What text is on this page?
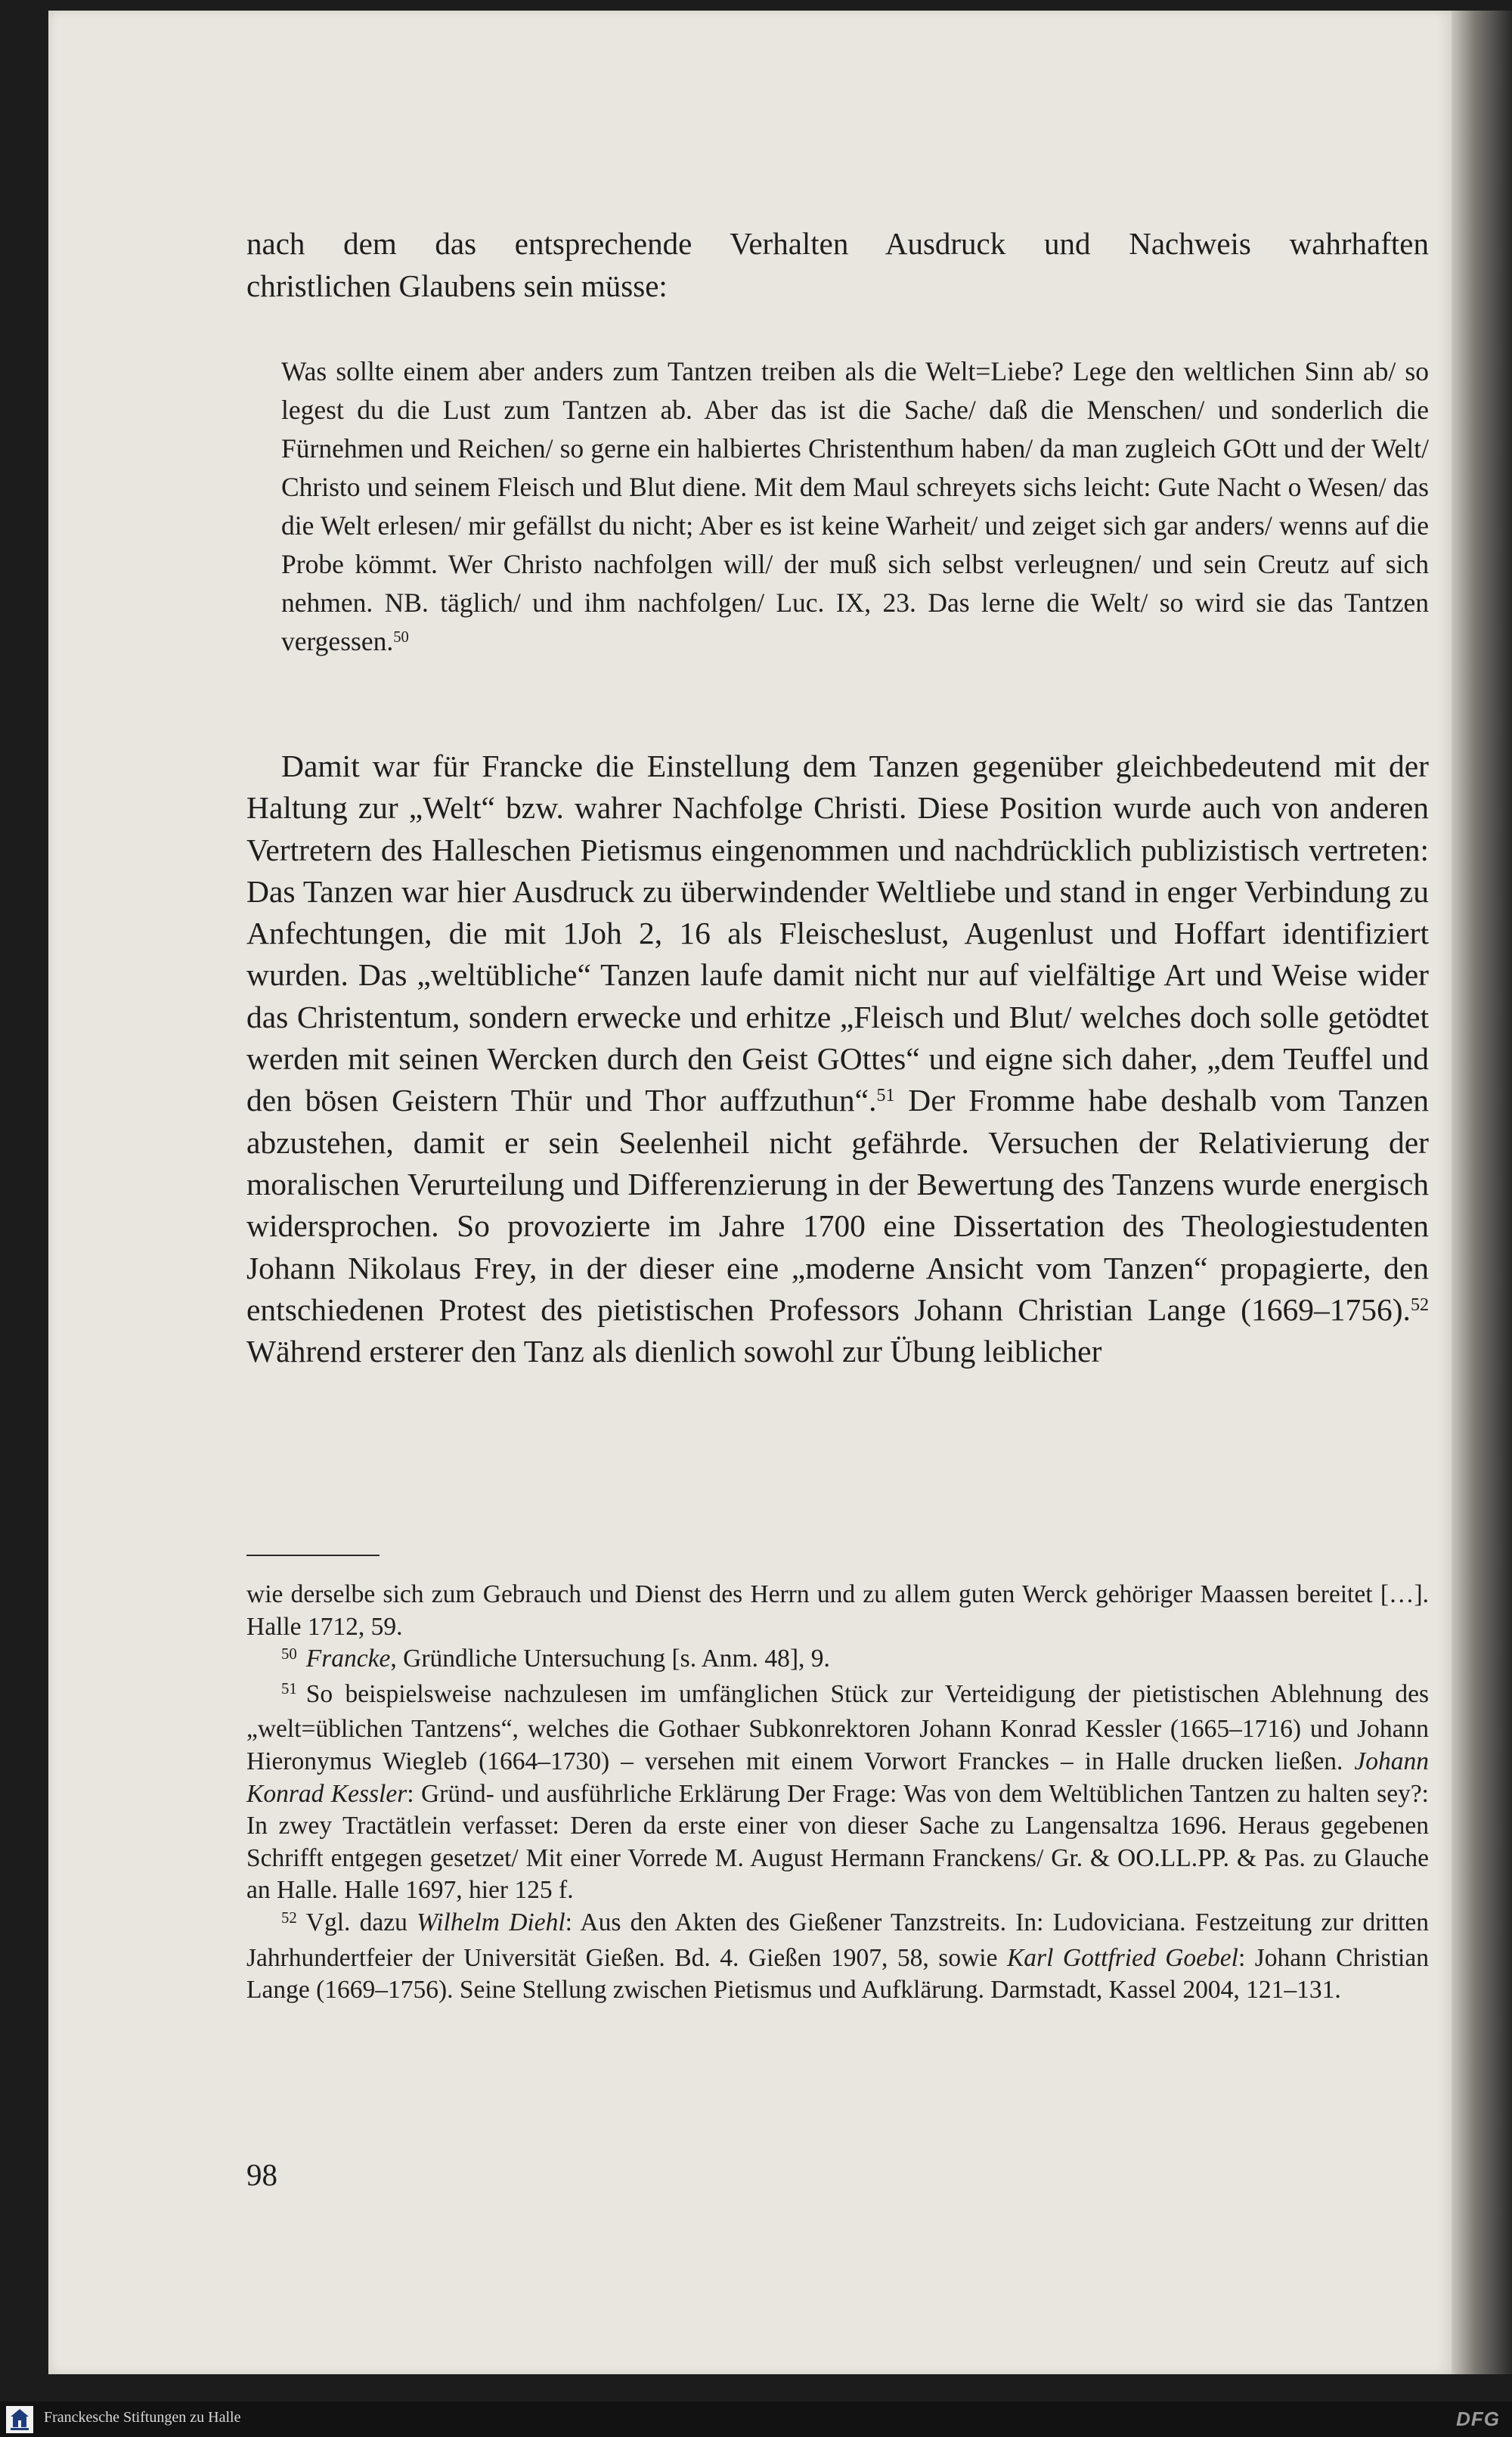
nach dem das entsprechende Verhalten Ausdruck und Nachweis wahrhaften

christlichen Glaubens sein müsse:

Was sollte einem aber anders zum Tantzen treiben als die Welt=Liebe? Lege den weltlichen Sinn ab/ so legest du die Lust zum Tantzen ab. Aber das ist die Sache/ daß die Menschen/ und sonderlich die Fürnehmen und Reichen/ so gerne ein halbiertes Christenthum haben/ da man zugleich GOtt und der Welt/ Christo und seinem Fleisch und Blut diene. Mit dem Maul schreyets sichs leicht: Gute Nacht o Wesen/ das die Welt erlesen/ mir gefällst du nicht; Aber es ist keine Warheit/ und zeiget sich gar anders/ wenns auf die Probe kömmt. Wer Christo nachfolgen will/ der muß sich selbst verleugnen/ und sein Creutz auf sich nehmen. NB. täglich/ und ihm nachfolgen/ Luc. IX, 23. Das lerne die Welt/ so wird sie das Tantzen vergessen.$^{50}$

Damit war für Francke die Einstellung dem Tanzen gegenüber gleichbedeutend mit der Haltung zur „Welt“ bzw. wahrer Nachfolge Christi. Diese Position wurde auch von anderen Vertretern des Halleschen Pietismus eingenommen und nachdrücklich publizistisch vertreten: Das Tanzen war hier Ausdruck zu überwindender Weltliebe und stand in enger Verbindung zu Anfechtungen, die mit 1Joh 2, 16 als Fleischeslust, Augenlust und Hoffart identifiziert wurden. Das „weltübliche“ Tanzen laufe damit nicht nur auf vielfältige Art und Weise wider das Christentum, sondern erwecke und erhitze „Fleisch und Blut/ welches doch solle getödtet werden mit seinen Wercken durch den Geist GOttes“ und eigne sich daher, „dem Teuffel und den bösen Geistern Thür und Thor auffzuthun“.$^{51}$ Der Fromme habe deshalb vom Tanzen abzustehen, damit er sein Seelenheil nicht gefährde. Versuchen der Relativierung der moralischen Verurteilung und Differenzierung in der Bewertung des Tanzens wurde energisch widersprochen. So provozierte im Jahre 1700 eine Dissertation des Theologiestudenten Johann Nikolaus Frey, in der dieser eine „moderne Ansicht vom Tanzen“ propagierte, den entschiedenen Protest des pietistischen Professors Johann Christian Lange (1669–1756).$^{52}$ Während ersterer den Tanz als dienlich sowohl zur Übung leiblicher

wie derselbe sich zum Gebrauch und Dienst des Herrn und zu allem guten Werck gehöriger Maassen bereitet […]. Halle 1712, 59.

$^{50}$ Francke, Gründliche Untersuchung [s. Anm. 48], 9.

$^{51}$ So beispielsweise nachzulesen im umfänglichen Stück zur Verteidigung der pietistischen Ablehnung des „welt=üblichen Tantzens“, welches die Gothaer Subkonrektoren Johann Konrad Kessler (1665–1716) und Johann Hieronymus Wiegleb (1664–1730) – versehen mit einem Vorwort Franckes – in Halle drucken ließen. Johann Konrad Kessler: Gründ- und ausführliche Erklärung Der Frage: Was von dem Weltüblichen Tantzen zu halten sey?: In zwey Tractätlein verfasset: Deren da erste einer von dieser Sache zu Langensaltza 1696. Heraus gegebenen Schrifft entgegen gesetzet/ Mit einer Vorrede M. August Hermann Franckens/ Gr. & OO.LL.PP. & Pas. zu Glauche an Halle. Halle 1697, hier 125 f.

$^{52}$ Vgl. dazu Wilhelm Diehl: Aus den Akten des Gießener Tanzstreits. In: Ludoviciana. Festzeitung zur dritten Jahrhundertfeier der Universität Gießen. Bd. 4. Gießen 1907, 58, sowie Karl Gottfried Goebel: Johann Christian Lange (1669–1756). Seine Stellung zwischen Pietismus und Aufklärung. Darmstadt, Kassel 2004, 121–131.

98
Franckesche Stiftungen zu Halle	DFG
